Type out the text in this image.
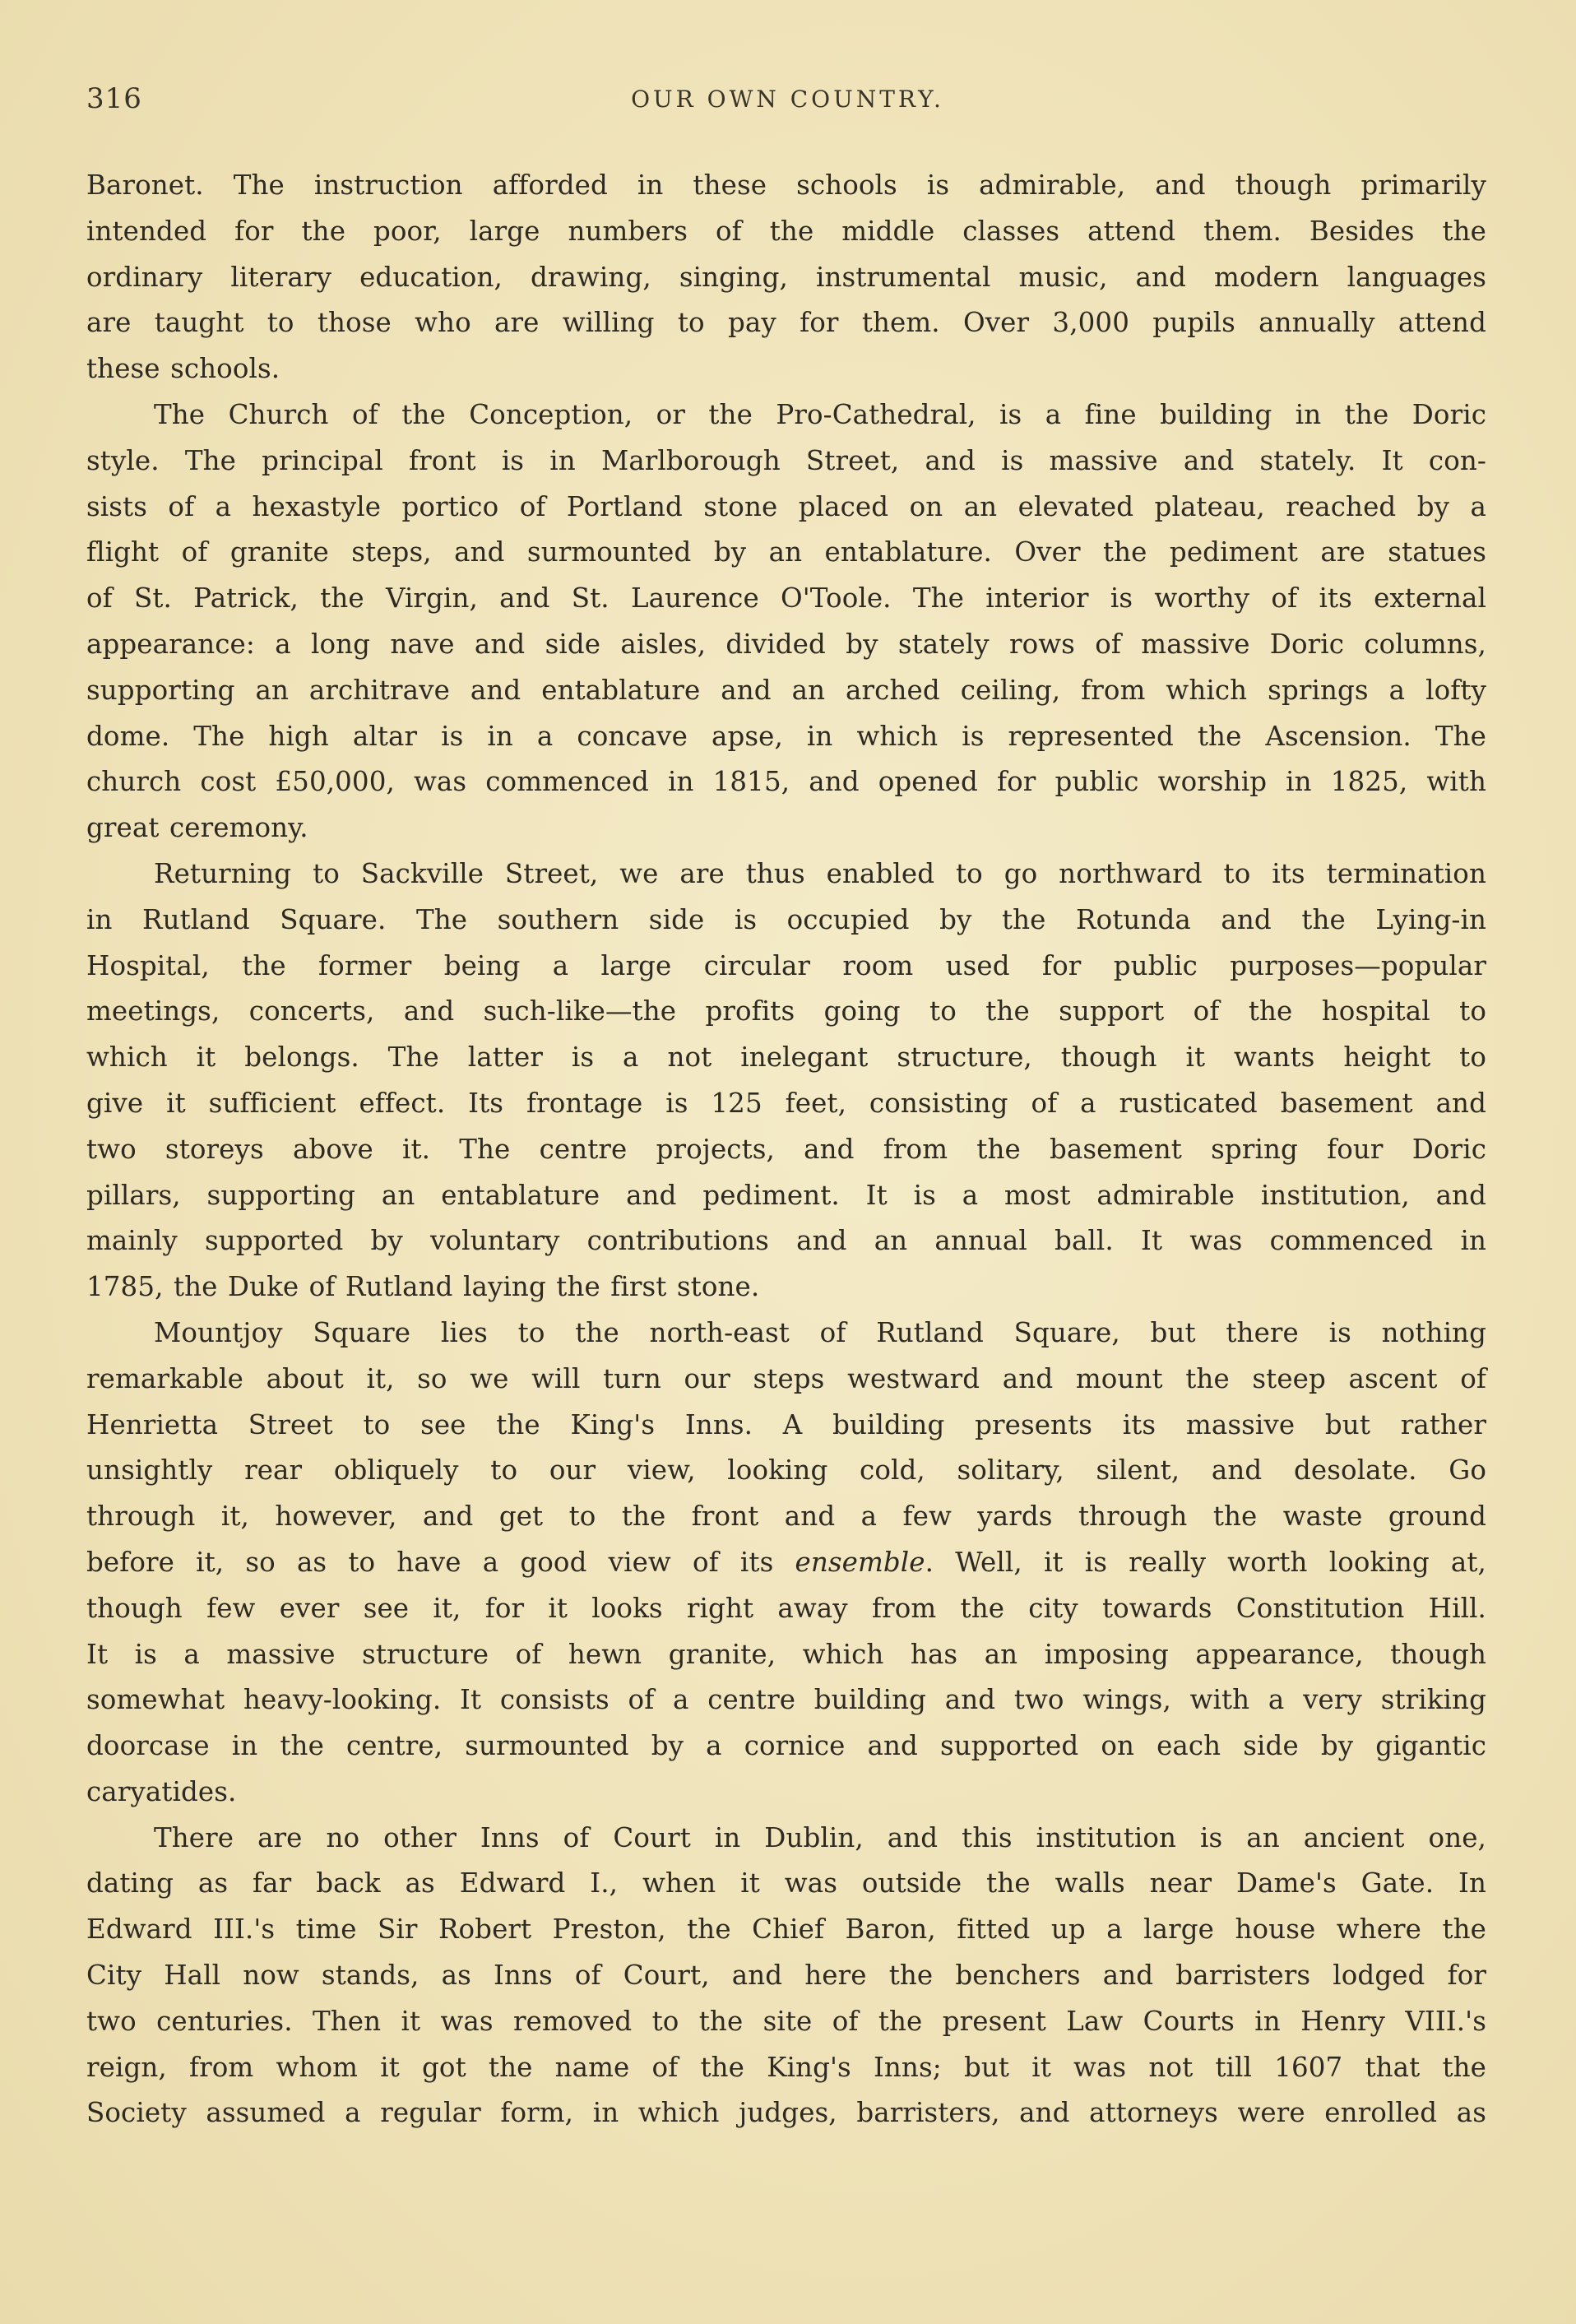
316	OUR OWN COUNTRY.

Baronet. The instruction afforded in these schools is admirable, and though primarily

intended for the poor, large numbers of the middle classes attend them. Besides the

ordinary literary education, drawing, singing, instrumental music, and modern languages

are taught to those who are willing to pay for them. Over 3,000 pupils annually attend

these schools.

The Church of the Conception, or the Pro-Cathedral, is a fine building in the Doric

style. The principal front is in Marlborough Street, and is massive and stately. It con-

sists of a hexastyle portico of Portland stone placed on an elevated plateau, reached by a

flight of granite steps, and surmounted by an entablature. Over the pediment are statues

of St. Patrick, the Virgin, and St. Laurence O'Toole. The interior is worthy of its external

appearance: a long nave and side aisles, divided by stately rows of massive Doric columns,

supporting an architrave and entablature and an arched ceiling, from which springs a lofty

dome. The high altar is in a concave apse, in which is represented the Ascension. The

church cost £50,000, was commenced in 1815, and opened for public worship in 1825, with

great ceremony.

Returning to Sackville Street, we are thus enabled to go northward to its termination

in Rutland Square. The southern side is occupied by the Rotunda and the Lying-in

Hospital, the former being a large circular room used for public purposes—popular

meetings, concerts, and such-like—the profits going to the support of the hospital to

which it belongs. The latter is a not inelegant structure, though it wants height to

give it sufficient effect. Its frontage is 125 feet, consisting of a rusticated basement and

two storeys above it. The centre projects, and from the basement spring four Doric

pillars, supporting an entablature and pediment. It is a most admirable institution, and

mainly supported by voluntary contributions and an annual ball. It was commenced in

1785, the Duke of Rutland laying the first stone.

Mountjoy Square lies to the north-east of Rutland Square, but there is nothing

remarkable about it, so we will turn our steps westward and mount the steep ascent of

Henrietta Street to see the King's Inns. A building presents its massive but rather

unsightly rear obliquely to our view, looking cold, solitary, silent, and desolate. Go

through it, however, and get to the front and a few yards through the waste ground

before it, so as to have a good view of its ensemble. Well, it is really worth looking at,

though few ever see it, for it looks right away from the city towards Constitution Hill.

It is a massive structure of hewn granite, which has an imposing appearance, though

somewhat heavy-looking. It consists of a centre building and two wings, with a very striking

doorcase in the centre, surmounted by a cornice and supported on each side by gigantic

caryatides.

There are no other Inns of Court in Dublin, and this institution is an ancient one,

dating as far back as Edward I., when it was outside the walls near Dame's Gate. In

Edward III.'s time Sir Robert Preston, the Chief Baron, fitted up a large house where the

City Hall now stands, as Inns of Court, and here the benchers and barristers lodged for

two centuries. Then it was removed to the site of the present Law Courts in Henry VIII.'s

reign, from whom it got the name of the King's Inns; but it was not till 1607 that the

Society assumed a regular form, in which judges, barristers, and attorneys were enrolled as
